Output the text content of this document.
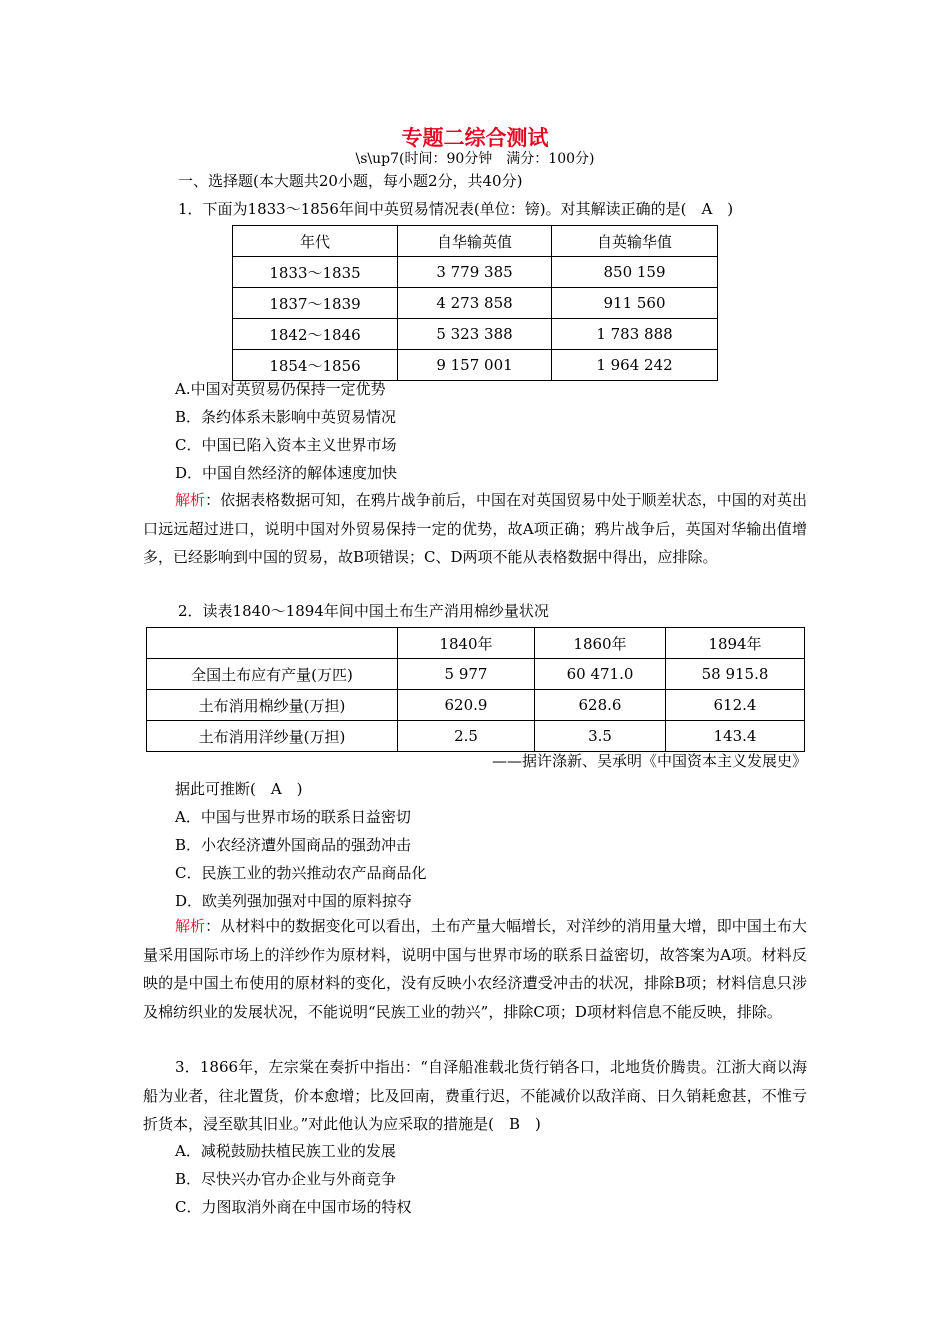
专题二综合测试
\s\up7(时间：90分钟　满分：100分)
一、选择题(本大题共20小题，每小题2分，共40分)
1．下面为1833～1856年间中英贸易情况表(单位：镑)。对其解读正确的是(　A　)
年代	自华输英值	自英输华值
1833～1835	3 779 385	850 159
1837～1839	4 273 858	911 560
1842～1846	5 323 388	1 783 888
1854～1856	9 157 001	1 964 242
A.中国对英贸易仍保持一定优势
B．条约体系未影响中英贸易情况
C．中国已陷入资本主义世界市场
D．中国自然经济的解体速度加快
解析：依据表格数据可知，在鸦片战争前后，中国在对英国贸易中处于顺差状态，中国的对英出口远远超过进口，说明中国对外贸易保持一定的优势，故A项正确；鸦片战争后，英国对华输出值增多，已经影响到中国的贸易，故B项错误；C、D两项不能从表格数据中得出，应排除。
2．读表1840～1894年间中国土布生产消用棉纱量状况
	1840年	1860年	1894年
全国土布应有产量(万匹)	5 977	60 471.0	58 915.8
土布消用棉纱量(万担)	620.9	628.6	612.4
土布消用洋纱量(万担)	2.5	3.5	143.4
——据许涤新、吴承明《中国资本主义发展史》
据此可推断(　A　)
A．中国与世界市场的联系日益密切
B．小农经济遭外国商品的强劲冲击
C．民族工业的勃兴推动农产品商品化
D．欧美列强加强对中国的原料掠夺
解析：从材料中的数据变化可以看出，土布产量大幅增长，对洋纱的消用量大增，即中国土布大量采用国际市场上的洋纱作为原材料，说明中国与世界市场的联系日益密切，故答案为A项。材料反映的是中国土布使用的原材料的变化，没有反映小农经济遭受冲击的状况，排除B项；材料信息只涉及棉纺织业的发展状况，不能说明“民族工业的勃兴”，排除C项；D项材料信息不能反映，排除。
3．1866年，左宗棠在奏折中指出：“自泽船准载北货行销各口，北地货价腾贵。江浙大商以海船为业者，往北置货，价本愈增；比及回南，费重行迟，不能减价以敌洋商、日久销耗愈甚，不惟亏折货本，浸至歇其旧业。”对此他认为应采取的措施是(　B　)
A．减税鼓励扶植民族工业的发展
B．尽快兴办官办企业与外商竞争
C．力图取消外商在中国市场的特权
